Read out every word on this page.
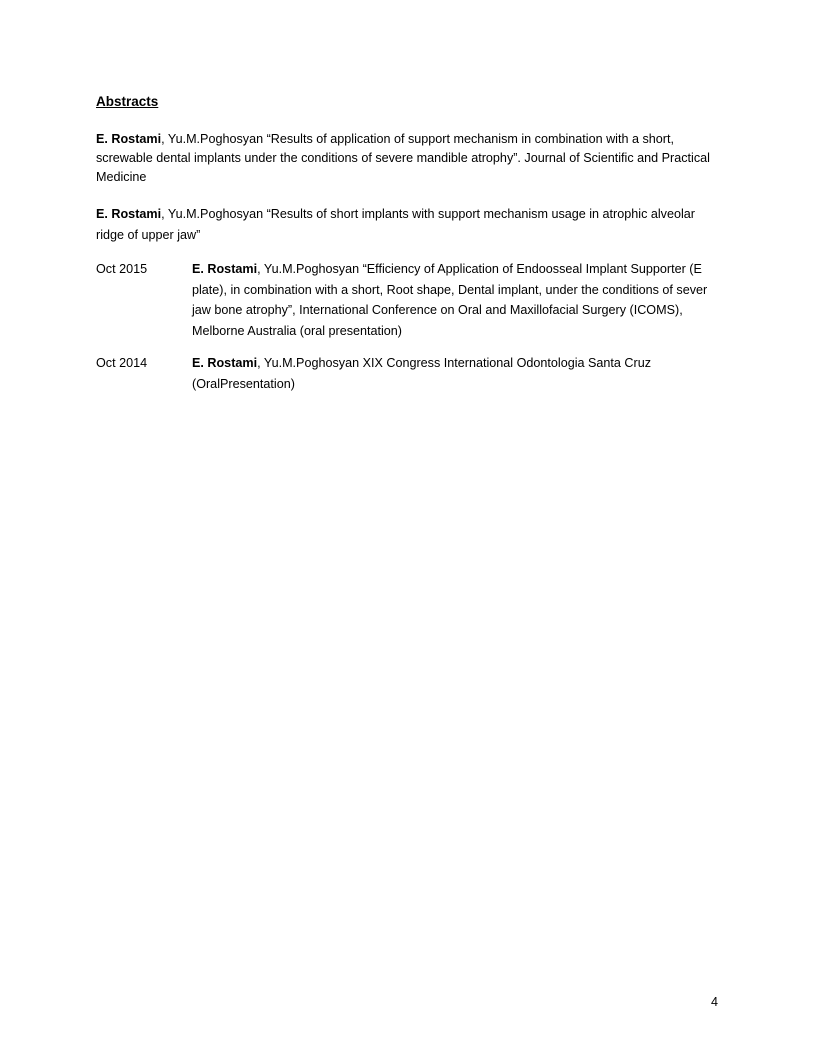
Abstracts
E. Rostami, Yu.M.Poghosyan “Results of application of support mechanism in combination with a short, screwable dental implants under the conditions of severe mandible atrophy”. Journal of Scientific and Practical Medicine
E. Rostami, Yu.M.Poghosyan “Results of short implants with support mechanism usage in atrophic alveolar ridge of upper jaw”
Oct 2015	E. Rostami, Yu.M.Poghosyan “Efficiency of Application of Endoosseal Implant Supporter (E plate), in combination with a short, Root shape, Dental implant, under the conditions of sever jaw bone atrophy”, International Conference on Oral and Maxillofacial Surgery (ICOMS), Melborne Australia (oral presentation)
Oct 2014	E. Rostami, Yu.M.Poghosyan XIX Congress International Odontologia Santa Cruz (OralPresentation)
4
